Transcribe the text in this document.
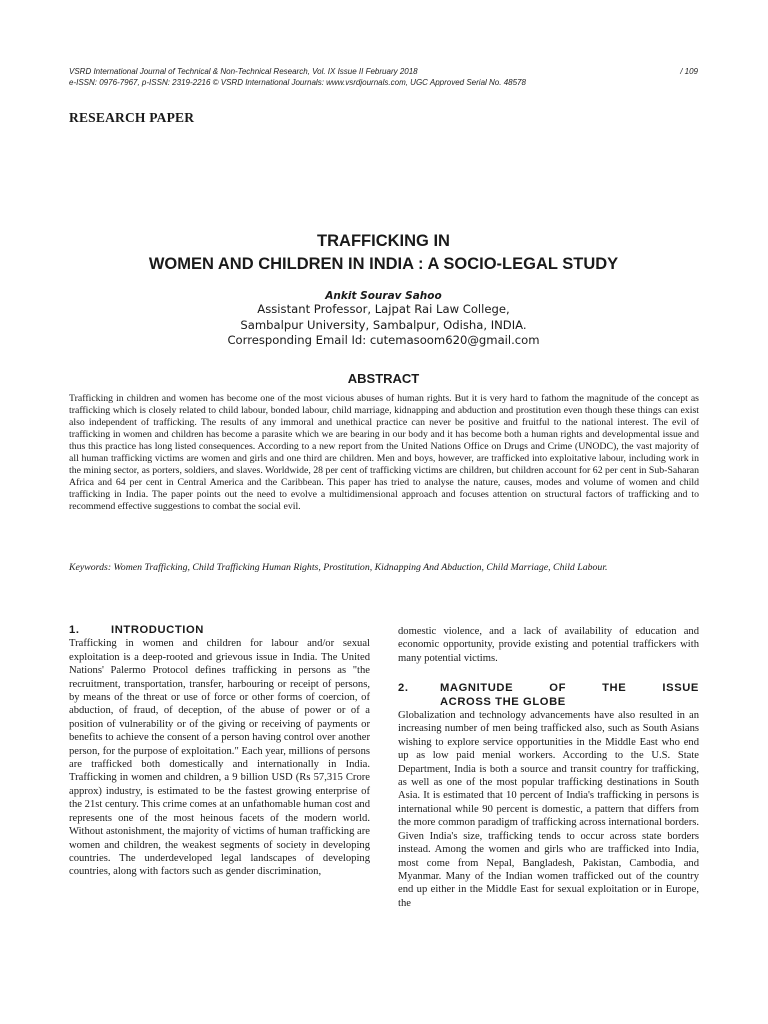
VSRD International Journal of Technical & Non-Technical Research, Vol. IX Issue II February 2018	/ 109
e-ISSN: 0976-7967, p-ISSN: 2319-2216 © VSRD International Journals: www.vsrdjournals.com, UGC Approved Serial No. 48578
RESEARCH PAPER
TRAFFICKING IN
WOMEN AND CHILDREN IN INDIA : A SOCIO-LEGAL STUDY
Ankit Sourav Sahoo
Assistant Professor, Lajpat Rai Law College,
Sambalpur University, Sambalpur, Odisha, INDIA.
Corresponding Email Id: cutemasoom620@gmail.com
ABSTRACT

Trafficking in children and women has become one of the most vicious abuses of human rights. But it is very hard to fathom the magnitude of the concept as trafficking which is closely related to child labour, bonded labour, child marriage, kidnapping and abduction and prostitution even though these things can exist also independent of trafficking. The results of any immoral and unethical practice can never be positive and fruitful to the national interest. The evil of trafficking in women and children has become a parasite which we are bearing in our body and it has become both a human rights and developmental issue and thus this practice has long listed consequences. According to a new report from the United Nations Office on Drugs and Crime (UNODC), the vast majority of all human trafficking victims are women and girls and one third are children. Men and boys, however, are trafficked into exploitative labour, including work in the mining sector, as porters, soldiers, and slaves. Worldwide, 28 per cent of trafficking victims are children, but children account for 62 per cent in Sub-Saharan Africa and 64 per cent in Central America and the Caribbean. This paper has tried to analyse the nature, causes, modes and volume of women and child trafficking in India. The paper points out the need to evolve a multidimensional approach and focuses attention on structural factors of trafficking and to recommend effective suggestions to combat the social evil.

Keywords: Women Trafficking, Child Trafficking Human Rights, Prostitution, Kidnapping And Abduction, Child Marriage, Child Labour.

1.	INTRODUCTION

Trafficking in women and children for labour and/or sexual exploitation is a deep-rooted and grievous issue in India. The United Nations' Palermo Protocol defines trafficking in persons as "the recruitment, transportation, transfer, harbouring or receipt of persons, by means of the threat or use of force or other forms of coercion, of abduction, of fraud, of deception, of the abuse of power or of a position of vulnerability or of the giving or receiving of payments or benefits to achieve the consent of a person having control over another person, for the purpose of exploitation." Each year, millions of persons are trafficked both domestically and internationally in India. Trafficking in women and children, a 9 billion USD (Rs 57,315 Crore approx) industry, is estimated to be the fastest growing enterprise of the 21st century. This crime comes at an unfathomable human cost and represents one of the most heinous facets of the modern world. Without astonishment, the majority of victims of human trafficking are women and children, the weakest segments of society in developing countries. The underdeveloped legal landscapes of developing countries, along with factors such as gender discrimination,

domestic violence, and a lack of availability of education and economic opportunity, provide existing and potential traffickers with many potential victims.

2.	MAGNITUDE	OF	THE	ISSUE
ACROSS THE GLOBE

Globalization and technology advancements have also resulted in an increasing number of men being trafficked also, such as South Asians wishing to explore service opportunities in the Middle East who end up as low paid menial workers. According to the U.S. State Department, India is both a source and transit country for trafficking, as well as one of the most popular trafficking destinations in South Asia. It is estimated that 10 percent of India's trafficking in persons is international while 90 percent is domestic, a pattern that differs from the more common paradigm of trafficking across international borders. Given India's size, trafficking tends to occur across state borders instead. Among the women and girls who are trafficked into India, most come from Nepal, Bangladesh, Pakistan, Cambodia, and Myanmar. Many of the Indian women trafficked out of the country end up either in the Middle East for sexual exploitation or in Europe, the
